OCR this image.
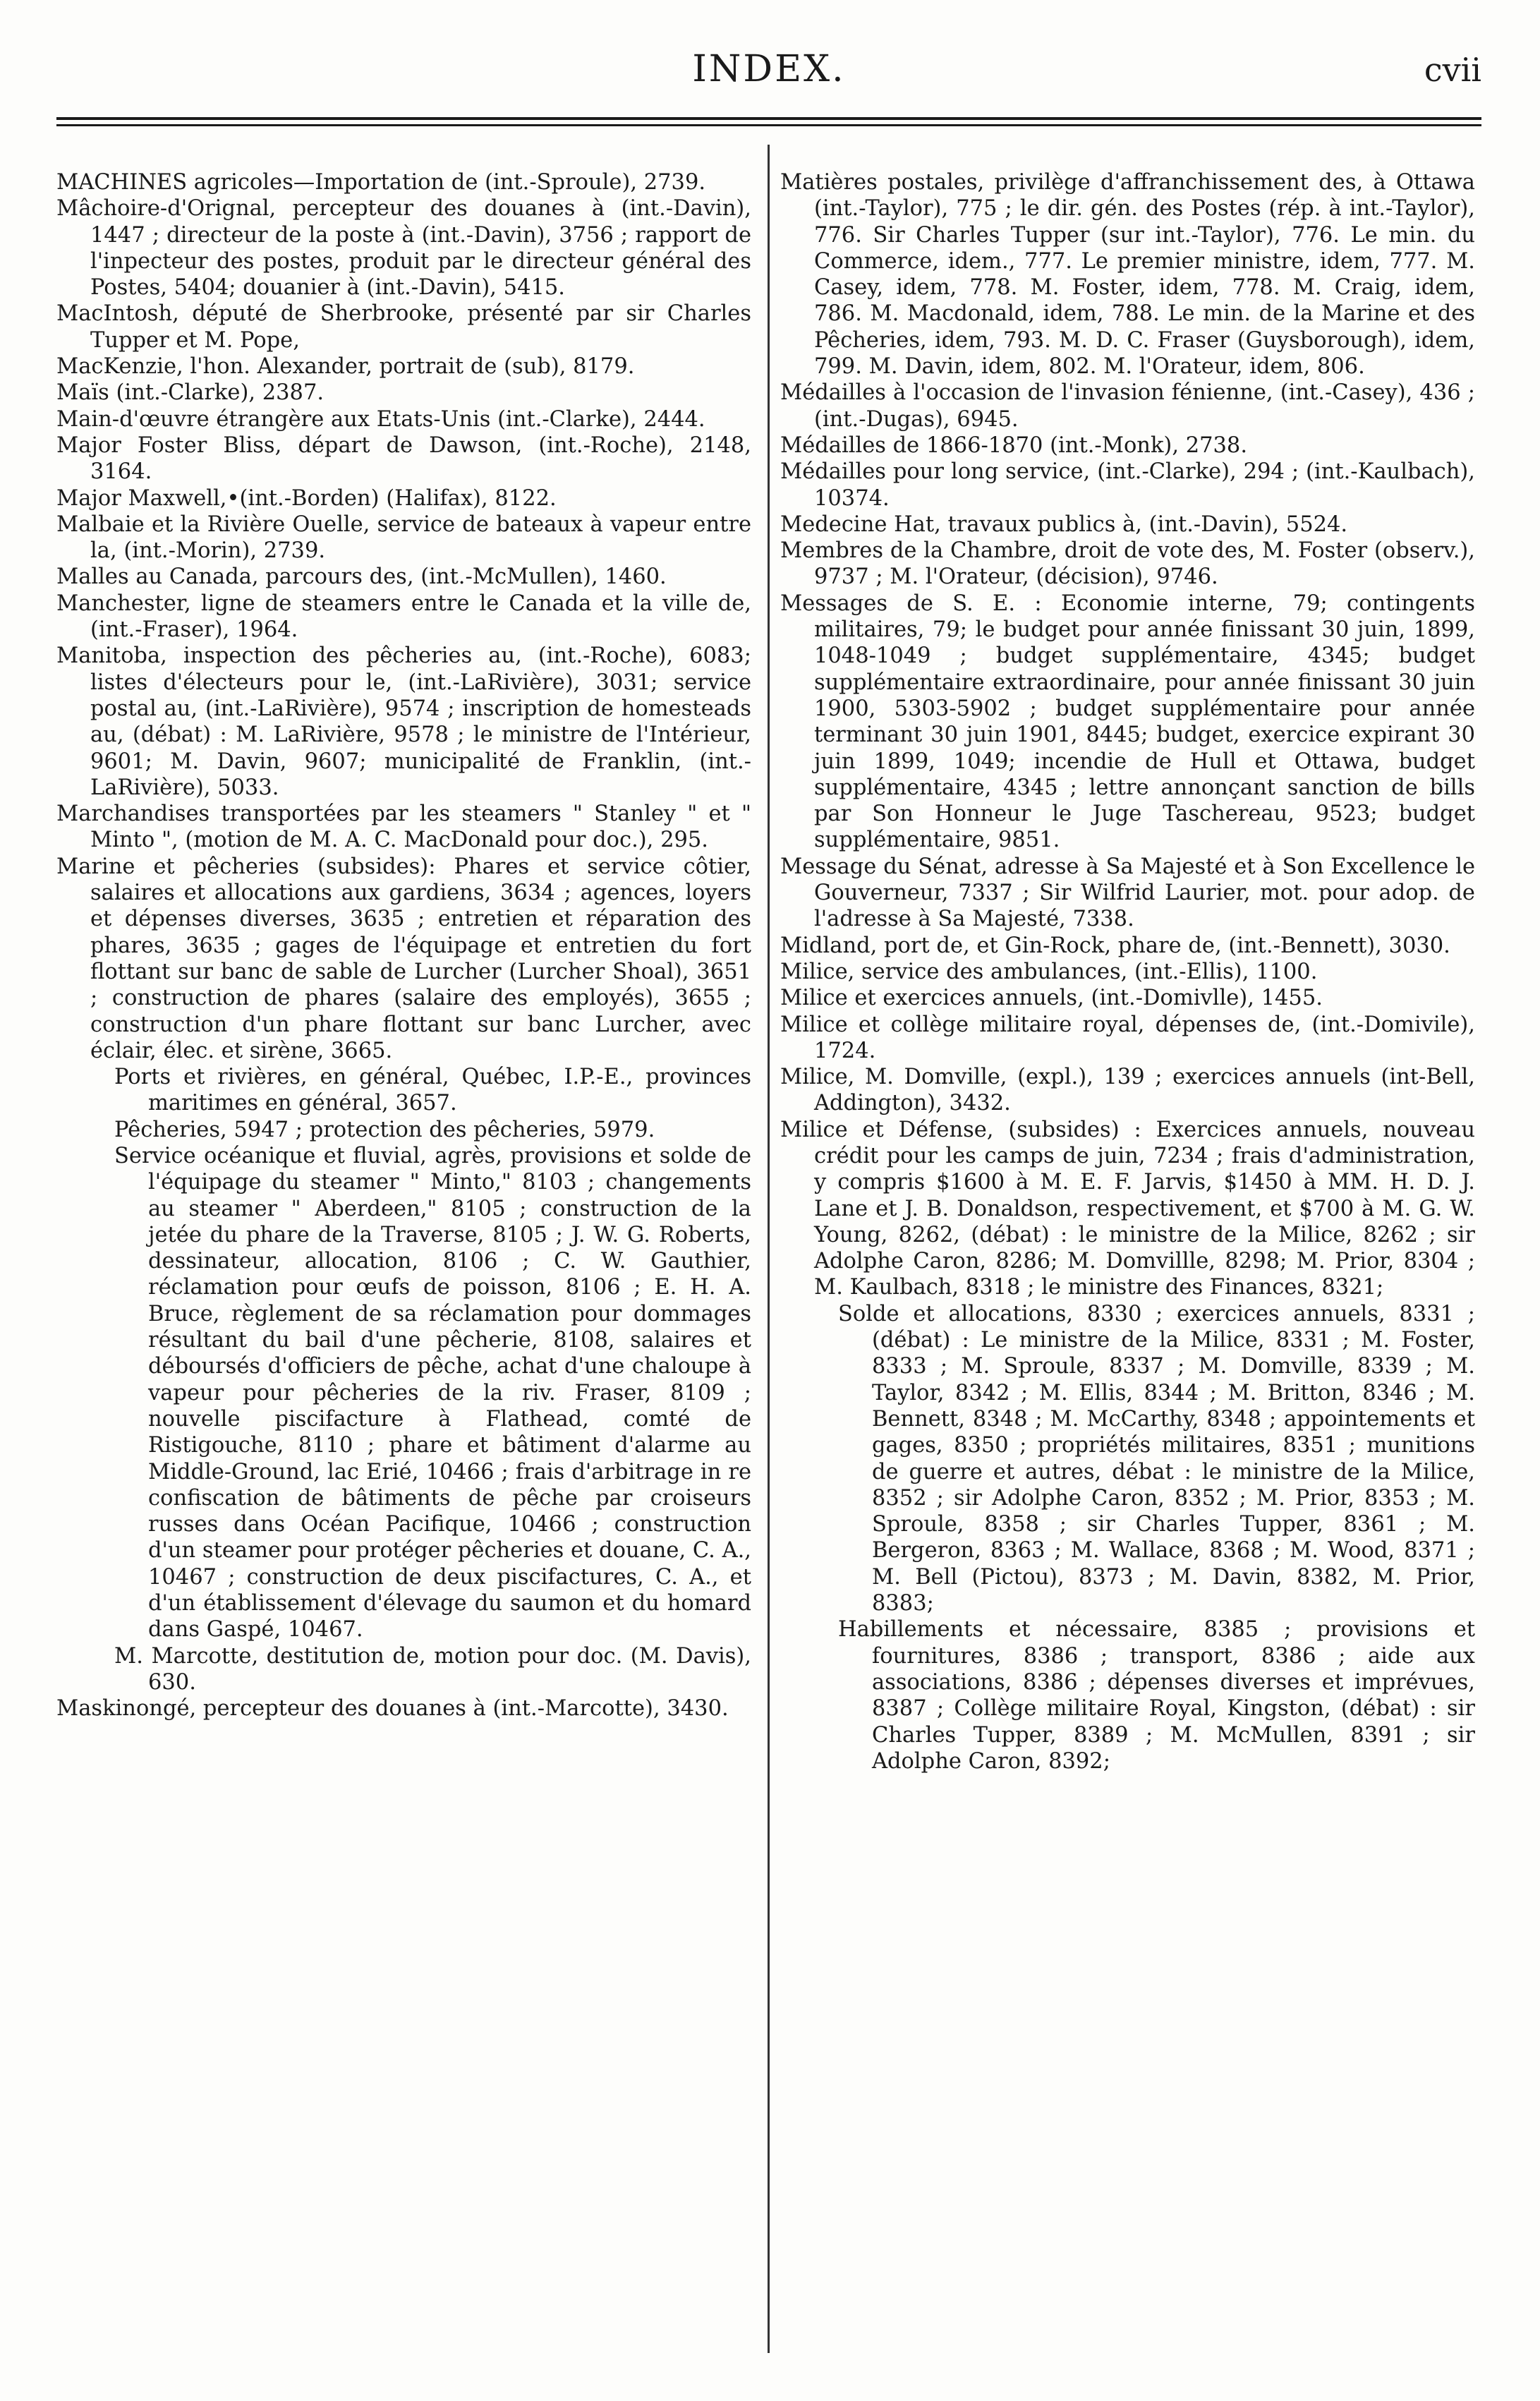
INDEX.	cvii

MACHINES agricoles—Importation de (int.-Sproule), 2739.

Mâchoire-d'Orignal, percepteur des douanes à (int.-Davin), 1447 ; directeur de la poste à (int.-Davin), 3756 ; rapport de l'inpecteur des postes, produit par le directeur général des Postes, 5404; douanier à (int.-Davin), 5415.

MacIntosh, député de Sherbrooke, présenté par sir Charles Tupper et M. Pope,

MacKenzie, l'hon. Alexander, portrait de (sub), 8179.

Maïs (int.-Clarke), 2387.

Main-d'œuvre étrangère aux Etats-Unis (int.-Clarke), 2444.

Major Foster Bliss, départ de Dawson, (int.-Roche), 2148, 3164.

Major Maxwell,•(int.-Borden) (Halifax), 8122.

Malbaie et la Rivière Ouelle, service de bateaux à vapeur entre la, (int.-Morin), 2739.

Malles au Canada, parcours des, (int.-McMullen), 1460.

Manchester, ligne de steamers entre le Canada et la ville de, (int.-Fraser), 1964.

Manitoba, inspection des pêcheries au, (int.-Roche), 6083; listes d'électeurs pour le, (int.-LaRivière), 3031; service postal au, (int.-LaRivière), 9574 ; inscription de homesteads au, (débat) : M. LaRivière, 9578 ; le ministre de l'Intérieur, 9601; M. Davin, 9607; municipalité de Franklin, (int.-LaRivière), 5033.

Marchandises transportées par les steamers " Stanley " et " Minto ", (motion de M. A. C. MacDonald pour doc.), 295.

Marine et pêcheries (subsides): Phares et service côtier, salaires et allocations aux gardiens, 3634 ; agences, loyers et dépenses diverses, 3635 ; entretien et réparation des phares, 3635 ; gages de l'équipage et entretien du fort flottant sur banc de sable de Lurcher (Lurcher Shoal), 3651 ; construction de phares (salaire des employés), 3655 ; construction d'un phare flottant sur banc Lurcher, avec éclair, élec. et sirène, 3665.

Ports et rivières, en général, Québec, I.P.-E., provinces maritimes en général, 3657.

Pêcheries, 5947 ; protection des pêcheries, 5979.

Service océanique et fluvial, agrès, provisions et solde de l'équipage du steamer " Minto," 8103 ; changements au steamer " Aberdeen," 8105 ; construction de la jetée du phare de la Traverse, 8105 ; J. W. G. Roberts, dessinateur, allocation, 8106 ; C. W. Gauthier, réclamation pour œufs de poisson, 8106 ; E. H. A. Bruce, règlement de sa réclamation pour dommages résultant du bail d'une pêcherie, 8108, salaires et déboursés d'officiers de pêche, achat d'une chaloupe à vapeur pour pêcheries de la riv. Fraser, 8109 ; nouvelle piscifacture à Flathead, comté de Ristigouche, 8110 ; phare et bâtiment d'alarme au Middle-Ground, lac Erié, 10466 ; frais d'arbitrage in re confiscation de bâtiments de pêche par croiseurs russes dans Océan Pacifique, 10466 ; construction d'un steamer pour protéger pêcheries et douane, C. A., 10467 ; construction de deux piscifactures, C. A., et d'un établissement d'élevage du saumon et du homard dans Gaspé, 10467.

M. Marcotte, destitution de, motion pour doc. (M. Davis), 630.

Maskinongé, percepteur des douanes à (int.-Marcotte), 3430.

Matières postales, privilège d'affranchissement des, à Ottawa (int.-Taylor), 775 ; le dir. gén. des Postes (rép. à int.-Taylor), 776. Sir Charles Tupper (sur int.-Taylor), 776. Le min. du Commerce, idem., 777. Le premier ministre, idem, 777. M. Casey, idem, 778. M. Foster, idem, 778. M. Craig, idem, 786. M. Macdonald, idem, 788. Le min. de la Marine et des Pêcheries, idem, 793. M. D. C. Fraser (Guysborough), idem, 799. M. Davin, idem, 802. M. l'Orateur, idem, 806.

Médailles à l'occasion de l'invasion fénienne, (int.-Casey), 436 ; (int.-Dugas), 6945.

Médailles de 1866-1870 (int.-Monk), 2738.

Médailles pour long service, (int.-Clarke), 294 ; (int.-Kaulbach), 10374.

Medecine Hat, travaux publics à, (int.-Davin), 5524.

Membres de la Chambre, droit de vote des, M. Foster (observ.), 9737 ; M. l'Orateur, (décision), 9746.

Messages de S. E. : Economie interne, 79; contingents militaires, 79; le budget pour année finissant 30 juin, 1899, 1048-1049 ; budget supplémentaire, 4345; budget supplémentaire extraordinaire, pour année finissant 30 juin 1900, 5303-5902 ; budget supplémentaire pour année terminant 30 juin 1901, 8445; budget, exercice expirant 30 juin 1899, 1049; incendie de Hull et Ottawa, budget supplémentaire, 4345 ; lettre annonçant sanction de bills par Son Honneur le Juge Taschereau, 9523; budget supplémentaire, 9851.

Message du Sénat, adresse à Sa Majesté et à Son Excellence le Gouverneur, 7337 ; Sir Wilfrid Laurier, mot. pour adop. de l'adresse à Sa Majesté, 7338.

Midland, port de, et Gin-Rock, phare de, (int.-Bennett), 3030.

Milice, service des ambulances, (int.-Ellis), 1100.

Milice et exercices annuels, (int.-Domivlle), 1455.

Milice et collège militaire royal, dépenses de, (int.-Domivile), 1724.

Milice, M. Domville, (expl.), 139 ; exercices annuels (int-Bell, Addington), 3432.

Milice et Défense, (subsides) : Exercices annuels, nouveau crédit pour les camps de juin, 7234 ; frais d'administration, y compris $1600 à M. E. F. Jarvis, $1450 à MM. H. D. J. Lane et J. B. Donaldson, respectivement, et $700 à M. G. W. Young, 8262, (débat) : le ministre de la Milice, 8262 ; sir Adolphe Caron, 8286; M. Domvillle, 8298; M. Prior, 8304 ; M. Kaulbach, 8318 ; le ministre des Finances, 8321;

Solde et allocations, 8330 ; exercices annuels, 8331 ; (débat) : Le ministre de la Milice, 8331 ; M. Foster, 8333 ; M. Sproule, 8337 ; M. Domville, 8339 ; M. Taylor, 8342 ; M. Ellis, 8344 ; M. Britton, 8346 ; M. Bennett, 8348 ; M. McCarthy, 8348 ; appointements et gages, 8350 ; propriétés militaires, 8351 ; munitions de guerre et autres, débat : le ministre de la Milice, 8352 ; sir Adolphe Caron, 8352 ; M. Prior, 8353 ; M. Sproule, 8358 ; sir Charles Tupper, 8361 ; M. Bergeron, 8363 ; M. Wallace, 8368 ; M. Wood, 8371 ; M. Bell (Pictou), 8373 ; M. Davin, 8382, M. Prior, 8383;

Habillements et nécessaire, 8385 ; provisions et fournitures, 8386 ; transport, 8386 ; aide aux associations, 8386 ; dépenses diverses et imprévues, 8387 ; Collège militaire Royal, Kingston, (débat) : sir Charles Tupper, 8389 ; M. McMullen, 8391 ; sir Adolphe Caron, 8392;
